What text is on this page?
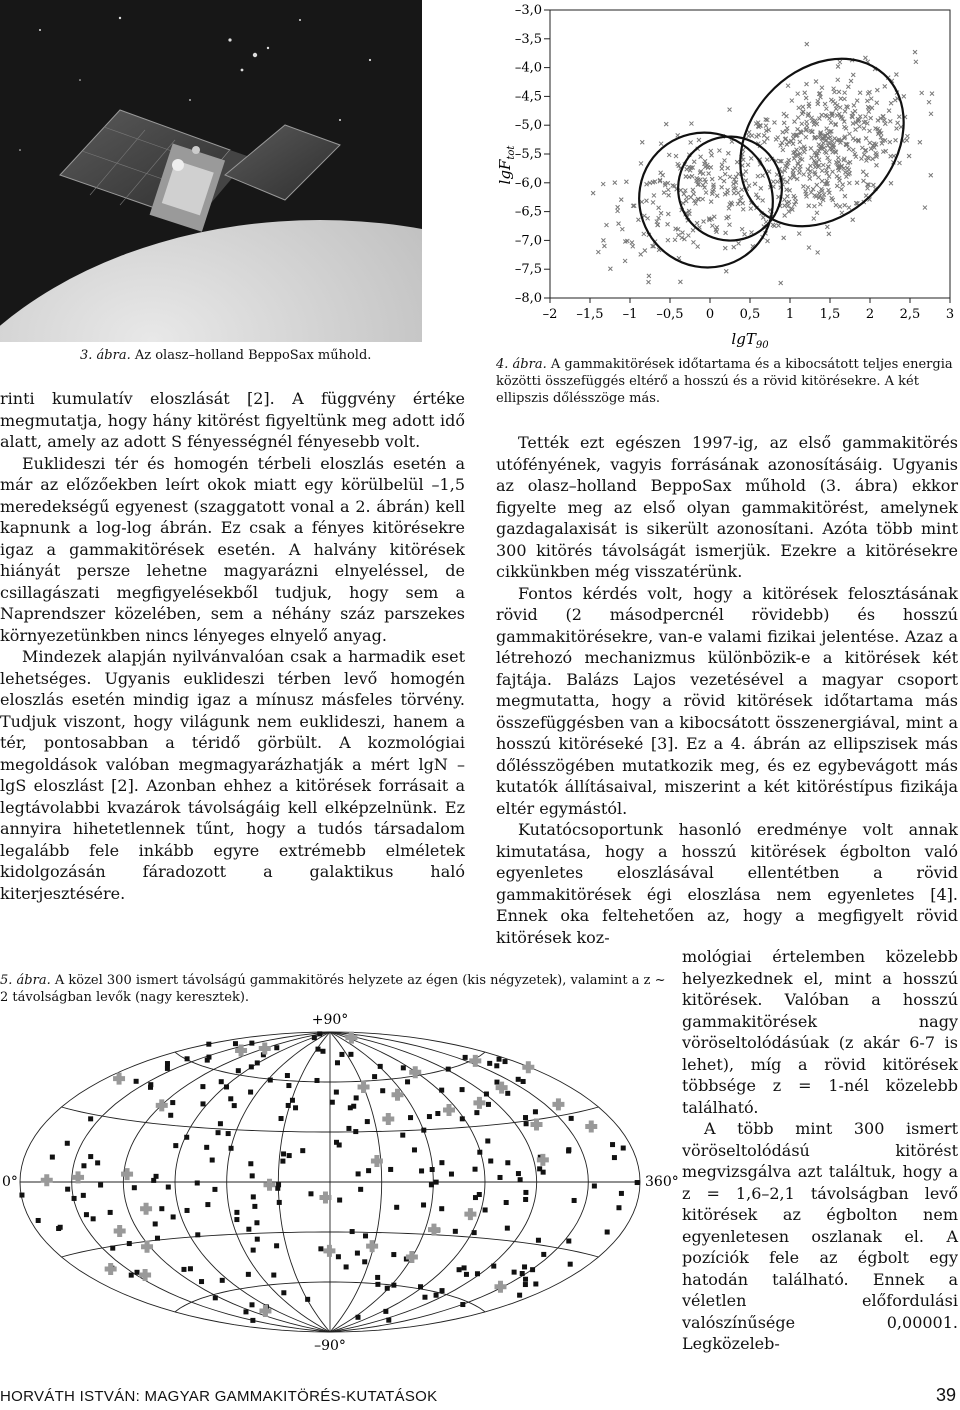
3. ábra. Az olasz–holland BeppoSax műhold.
–3,0
–3,5
–4,0
–4,5
–5,0
–5,5
–6,0
–6,5
–7,0
–7,5
–8,0
–2 –1,5 –1 –0,5 0 0,5 1 1,5 2 2,5 3
lgF$_{tot}$
lgT$_{90}$
4. ábra. A gammakitörések időtartama és a kibocsátott teljes energia közötti összefüggés eltérő a hosszú és a rövid kitörésekre. A két ellipszis dőlésszöge más.

rinti kumulatív eloszlását [2]. A függvény értéke megmutatja, hogy hány kitörést figyeltünk meg adott idő alatt, amely az adott S fényességnél fényesebb volt.

Euklideszi tér és homogén térbeli eloszlás esetén a már az előzőekben leírt okok miatt egy körülbelül –1,5 meredekségű egyenest (szaggatott vonal a 2. ábrán) kell kapnunk a log-log ábrán. Ez csak a fényes kitörésekre igaz a gammakitörések esetén. A halvány kitörések hiányát persze lehetne magyarázni elnyeléssel, de csillagászati megfigyelésekből tudjuk, hogy sem a Naprendszer közelében, sem a néhány száz parszekes környezetünkben nincs lényeges elnyelő anyag.

Mindezek alapján nyilvánvalóan csak a harmadik eset lehetséges. Ugyanis euklideszi térben levő homogén eloszlás esetén mindig igaz a mínusz másfeles törvény. Tudjuk viszont, hogy világunk nem euklideszi, hanem a tér, pontosabban a téridő görbült. A kozmológiai megoldások valóban megmagyarázhatják a mért lgN – lgS eloszlást [2]. Azonban ehhez a kitörések forrásait a legtávolabbi kvazárok távolságáig kell elképzelnünk. Ez annyira hihetetlennek tűnt, hogy a tudós társadalom legalább fele inkább egyre extrémebb elméletek kidolgozásán fáradozott a galaktikus haló kiterjesztésére.

Tették ezt egészen 1997-ig, az első gammakitörés utófényének, vagyis forrásának azonosításáig. Ugyanis az olasz–holland BeppoSax műhold (3. ábra) ekkor figyelte meg az első olyan gammakitörést, amelynek gazdagalaxisát is sikerült azonosítani. Azóta több mint 300 kitörés távolságát ismerjük. Ezekre a kitörésekre cikkünkben még visszatérünk.

Fontos kérdés volt, hogy a kitörések felosztásának rövid (2 másodpercnél rövidebb) és hosszú gammakitörésekre, van-e valami fizikai jelentése. Azaz a létrehozó mechanizmus különbözik-e a kitörések két fajtája. Balázs Lajos vezetésével a magyar csoport megmutatta, hogy a rövid kitörések időtartama más összefüggésben van a kibocsátott összenergiával, mint a hosszú kitöréseké [3]. Ez a 4. ábrán az ellipszisek más dőlésszögében mutatkozik meg, és ez egybevágott más kutatók állításaival, miszerint a két kitöréstípus fizikája eltér egymástól.

Kutatócsoportunk hasonló eredménye volt annak kimutatása, hogy a hosszú kitörések égbolton való egyenletes eloszlásával ellentétben a rövid gammakitörések égi eloszlása nem egyenletes [4]. Ennek oka feltehetően az, hogy a megfigyelt rövid kitörések koz-

mológiai értelemben közelebb helyezkednek el, mint a hosszú kitörések. Valóban a hosszú gammakitörések nagy vöröseltolódásúak (z akár 6-7 is lehet), míg a rövid kitörések többsége z = 1-nél közelebb található.

A több mint 300 ismert vöröseltolódású kitörést megvizsgálva azt találtuk, hogy a z = 1,6–2,1 távolságban levő kitörések az égbolton nem egyenletesen oszlanak el. A pozíciók fele az égbolt egy hatodán található. Ennek a véletlen előfordulási valószínűsége 0,00001. Legközeleb-

5. ábra. A közel 300 ismert távolságú gammakitörés helyzete az égen (kis négyzetek), valamint a z ~ 2 távolságban levők (nagy keresztek).
+90°
–90°
0°	360°
HORVÁTH ISTVÁN: MAGYAR GAMMAKITÖRÉS-KUTATÁSOK	39
